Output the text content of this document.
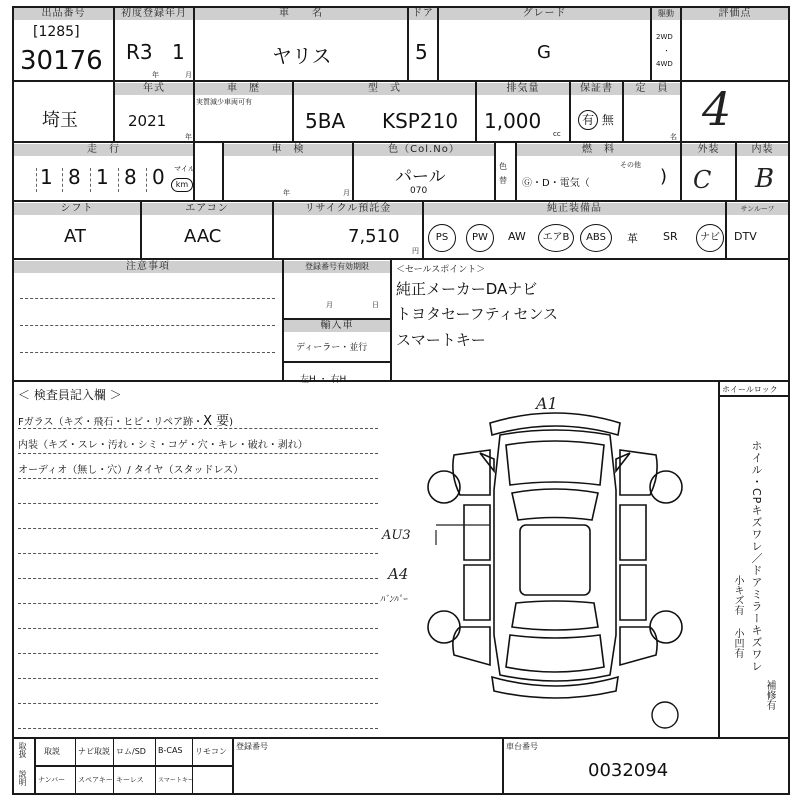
出品番号
[1285]
30176
初度登録年月
R3 1
年	月
車　　名
ヤリス
ドア
5
グレード
G
駆動
2WD
・
4WD
評価点
4
埼玉
年式
2021
年
車　歴
実質減少車両可有
型　式
5BA KSP210
排気量
1,000
cc
保証書
有 無
定　員
名
走　行
1 8 1 8 0 マイル
km
車　検
年	月
色（Col.No）
パール
070
色替
燃　料
Ⓖ・D・電気（
その他
)
外装
C
内装
B
シフト
AT
エアコン
AAC
リサイクル預託金
7,510
円
純正装備品	サンルーフ
PS	PW	AW	エアB	ABS	革 SR	ナビ	DTV
注意事項	登録番号有効期限
月	日
輸入車
ディーラー・並行
左H ・ 右H
＜セールスポイント＞
純正メーカーDAナビ
トヨタセーフティセンス
スマートキー
＜ 検査員記入欄 ＞
Fガラス（キズ・飛石・ヒビ・リペア跡・X 要)
内装（キズ・スレ・汚れ・シミ・コゲ・穴・キレ・破れ・剥れ）
オーディオ（無し・穴）/ タイヤ（スタッドレス）
A1
AU3
A4
ﾊﾞﾝﾊﾟｰ
ホイールロック
ホイル・CPキズワレ／ドアミラーキズワレ
小キズ有
小凹有
補修有
取扱
説明
取説 ナビ取説 ロム/SD B-CAS リモコン
ナンバー スペアキー キーレス スマートキー
登録番号	車台番号
0032094
